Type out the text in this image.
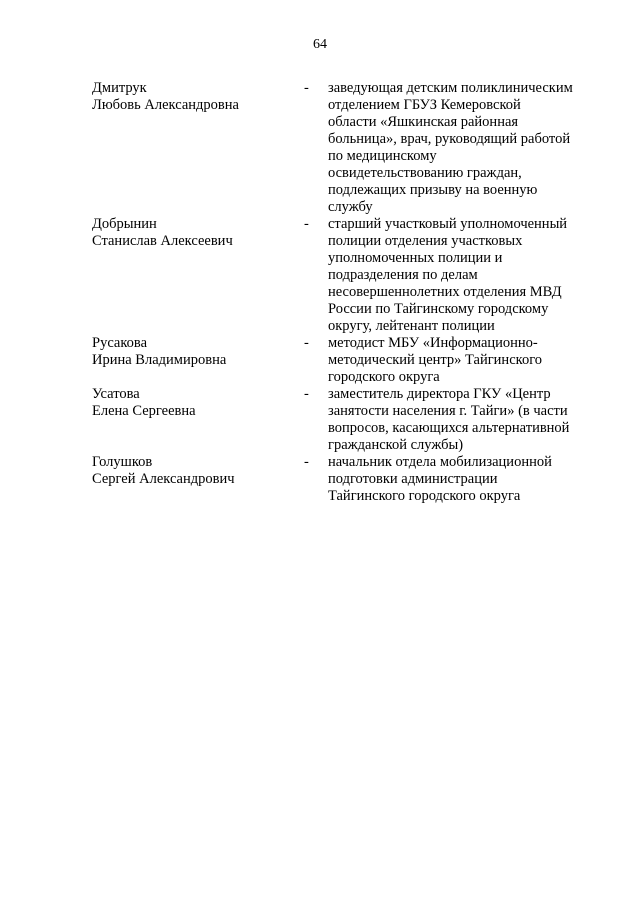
64
Дмитрук
Любовь Александровна
-	заведующая детским поликлиническим
отделением ГБУЗ Кемеровской
области «Яшкинская районная
больница», врач, руководящий работой
по медицинскому
освидетельствованию граждан,
подлежащих призыву на военную
службу
Добрынин
Станислав Алексеевич
-	старший участковый уполномоченный
полиции отделения участковых
уполномоченных полиции и
подразделения по делам
несовершеннолетних отделения МВД
России по Тайгинскому городскому
округу, лейтенант полиции
Русакова
Ирина Владимировна
-	методист МБУ «Информационно-
методический центр» Тайгинского
городского округа
Усатова
Елена Сергеевна
-	заместитель директора ГКУ «Центр
занятости населения г. Тайги» (в части
вопросов, касающихся альтернативной
гражданской службы)
Голушков
Сергей Александрович
-	начальник отдела мобилизационной
подготовки администрации
Тайгинского городского округа
